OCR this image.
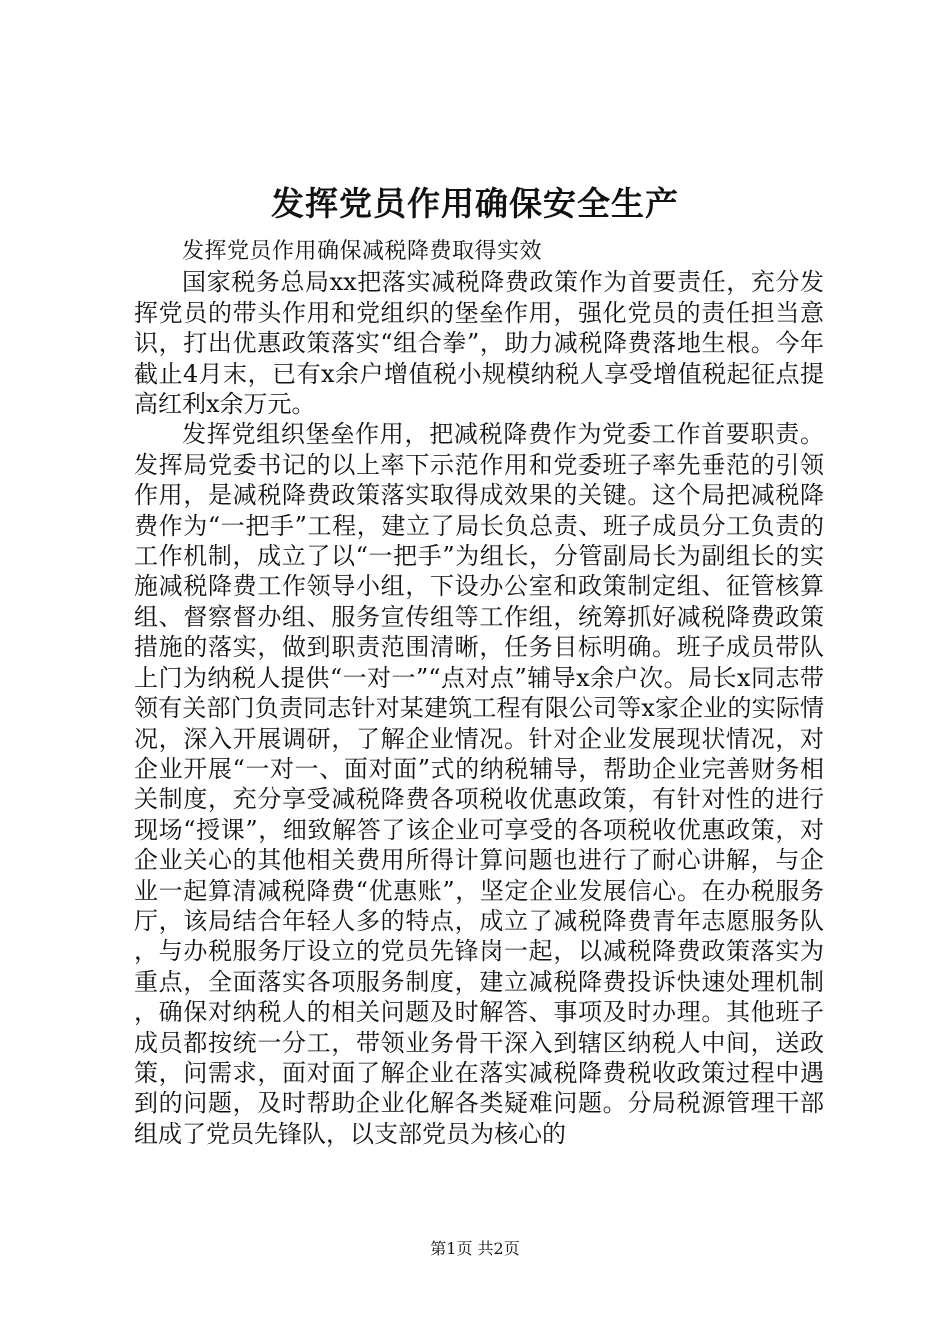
发挥党员作用确保安全生产

发挥党员作用确保减税降费取得实效

国家税务总局xx把落实减税降费政策作为首要责任，充分发挥党员的带头作用和党组织的堡垒作用，强化党员的责任担当意识，打出优惠政策落实“组合拳”，助力减税降费落地生根。今年截止4月末，已有x余户增值税小规模纳税人享受增值税起征点提高红利x余万元。

发挥党组织堡垒作用，把减税降费作为党委工作首要职责。发挥局党委书记的以上率下示范作用和党委班子率先垂范的引领作用，是减税降费政策落实取得成效果的关键。这个局把减税降费作为“一把手”工程，建立了局长负总责、班子成员分工负责的工作机制，成立了以“一把手”为组长，分管副局长为副组长的实施减税降费工作领导小组，下设办公室和政策制定组、征管核算组、督察督办组、服务宣传组等工作组，统筹抓好减税降费政策措施的落实，做到职责范围清晰，任务目标明确。班子成员带队上门为纳税人提供“一对一”“点对点”辅导x余户次。局长x同志带领有关部门负责同志针对某建筑工程有限公司等x家企业的实际情况，深入开展调研，了解企业情况。针对企业发展现状情况，对企业开展“一对一、面对面”式的纳税辅导，帮助企业完善财务相关制度，充分享受减税降费各项税收优惠政策，有针对性的进行现场“授课”，细致解答了该企业可享受的各项税收优惠政策，对企业关心的其他相关费用所得计算问题也进行了耐心讲解，与企业一起算清减税降费“优惠账”，坚定企业发展信心。在办税服务厅，该局结合年轻人多的特点，成立了减税降费青年志愿服务队，与办税服务厅设立的党员先锋岗一起，以减税降费政策落实为重点，全面落实各项服务制度，建立减税降费投诉快速处理机制，确保对纳税人的相关问题及时解答、事项及时办理。其他班子成员都按统一分工，带领业务骨干深入到辖区纳税人中间，送政策，问需求，面对面了解企业在落实减税降费税收政策过程中遇到的问题，及时帮助企业化解各类疑难问题。分局税源管理干部组成了党员先锋队，以支部党员为核心的

第1页 共2页
